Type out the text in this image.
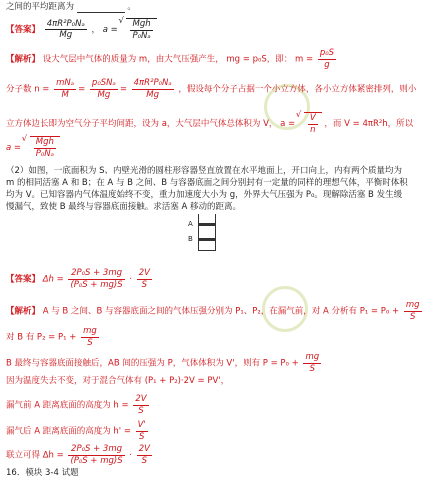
之间的平均距离为	。
【答案】 $\frac{\text{4πR²P₀Nₐ}}{Mg}$ ， a = √ $\frac{\text{Mgh}}{\text{P₀Nₐ}}$
【解析】 设大气层中气体的质量为 m，由大气压强产生， mg = p₀S，即： $m = \frac{\text{p₀S}}{g}$
分子数 $n = \frac{\text{mNₐ}}{M} = \frac{\text{p₀SNₐ}}{Mg} = \frac{\text{4πR²P₀Nₐ}}{Mg}$ ，假设每个分子占据一个小立方体，各小立方体紧密排列，则小
立方体边长即为空气分子平均间距，设为 a，大气层中气体总体积为 V， a = √ $\frac{V}{n}$ ，而 V = 4πR²h，所以
a = √ $\frac{\text{Mgh}}{\text{P₀Nₐ}}$
（2）如图，一底面积为 S、内壁光滑的圆柱形容器竖直放置在水平地面上，开口向上，内有两个质量均为
m 的相同活塞 A 和 B；在 A 与 B 之间、B 与容器底面之间分别封有一定量的同样的理想气体，平衡时体积
均为 V。已知容器内气体温度始终不变，重力加速度大小为 g，外界大气压强为 P₀。现解除活塞 B 发生缓
慢漏气，致使 B 最终与容器底面接触。求活塞 A 移动的距离。
A
B
【答案】 $\Delta h = \frac{\text{2P₀S + 3mg}}{\text{(P₀S + mg)S}} \cdot \frac{2V}{S}$
【解析】 A 与 B 之间、B 与容器底面之间的气体压强分别为 P₁、P₂，在漏气前，对 A 分析有 $P_1 = P_0 + \frac{mg}{S}$
对 B 有 $P_2 = P_1 + \frac{mg}{S}$
B 最终与容器底面接触后，AB 间的压强为 P，气体体积为 V'，则有 $P = P_0 + \frac{mg}{S}$
因为温度失去不变，对于混合气体有 (P₁ + P₂)·2V = PV'，
漏气前 A 距离底面的高度为 $h = \frac{2V}{S}$
漏气后 A 距离底面的高度为 $h' = \frac{V'}{S}$
联立可得 $\Delta h = \frac{\text{2P₀S + 3mg}}{\text{(P₀S + mg)S}} \cdot \frac{2V}{S}$
16．模块 3-4 试题
